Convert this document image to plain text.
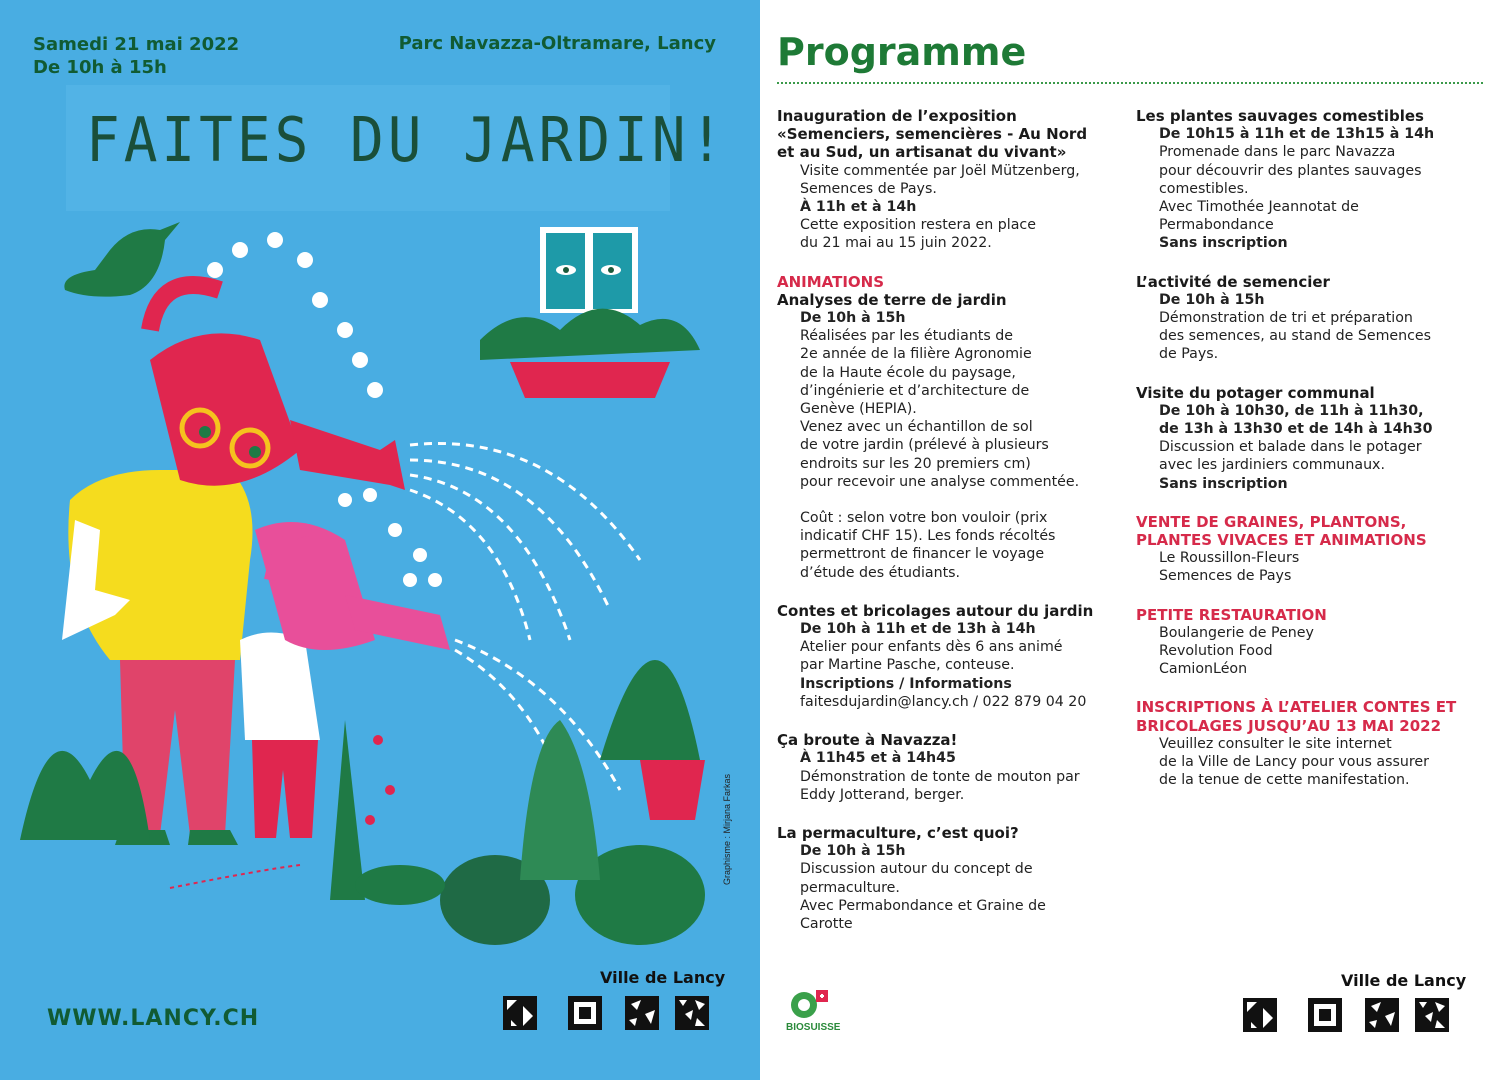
Samedi 21 mai 2022
De 10h à 15h
Parc Navazza-Oltramare, Lancy
FAITES DU JARDIN!
Graphisme : Mirjana Farkas
Ville de Lancy
WWW.LANCY.CH
Programme
Inauguration de l’exposition
«Semenciers, semencières - Au Nord
et au Sud, un artisanat du vivant»
Visite commentée par Joël Mützenberg,
Semences de Pays.
À 11h et à 14h
Cette exposition restera en place
du 21 mai au 15 juin 2022.
ANIMATIONS
Analyses de terre de jardin
De 10h à 15h
Réalisées par les étudiants de
2e année de la filière Agronomie
de la Haute école du paysage,
d’ingénierie et d’architecture de
Genève (HEPIA).
Venez avec un échantillon de sol
de votre jardin (prélevé à plusieurs
endroits sur les 20 premiers cm)
pour recevoir une analyse commentée.
Coût : selon votre bon vouloir (prix
indicatif CHF 15). Les fonds récoltés
permettront de financer le voyage
d’étude des étudiants.
Contes et bricolages autour du jardin
De 10h à 11h et de 13h à 14h
Atelier pour enfants dès 6 ans animé
par Martine Pasche, conteuse.
Inscriptions / Informations
faitesdujardin@lancy.ch / 022 879 04 20
Ça broute à Navazza!
À 11h45 et à 14h45
Démonstration de tonte de mouton par
Eddy Jotterand, berger.
La permaculture, c’est quoi?
De 10h à 15h
Discussion autour du concept de
permaculture.
Avec Permabondance et Graine de
Carotte
Les plantes sauvages comestibles
De 10h15 à 11h et de 13h15 à 14h
Promenade dans le parc Navazza
pour découvrir des plantes sauvages
comestibles.
Avec Timothée Jeannotat de
Permabondance
Sans inscription
L’activité de semencier
De 10h à 15h
Démonstration de tri et préparation
des semences, au stand de Semences
de Pays.
Visite du potager communal
De 10h à 10h30, de 11h à 11h30,
de 13h à 13h30 et de 14h à 14h30
Discussion et balade dans le potager
avec les jardiniers communaux.
Sans inscription
VENTE DE GRAINES, PLANTONS,
PLANTES VIVACES ET ANIMATIONS
Le Roussillon-Fleurs
Semences de Pays
PETITE RESTAURATION
Boulangerie de Peney
Revolution Food
CamionLéon
INSCRIPTIONS À L’ATELIER CONTES ET
BRICOLAGES JUSQU’AU 13 MAI 2022
Veuillez consulter le site internet
de la Ville de Lancy pour vous assurer
de la tenue de cette manifestation.
BIOSUISSE
Ville de Lancy
